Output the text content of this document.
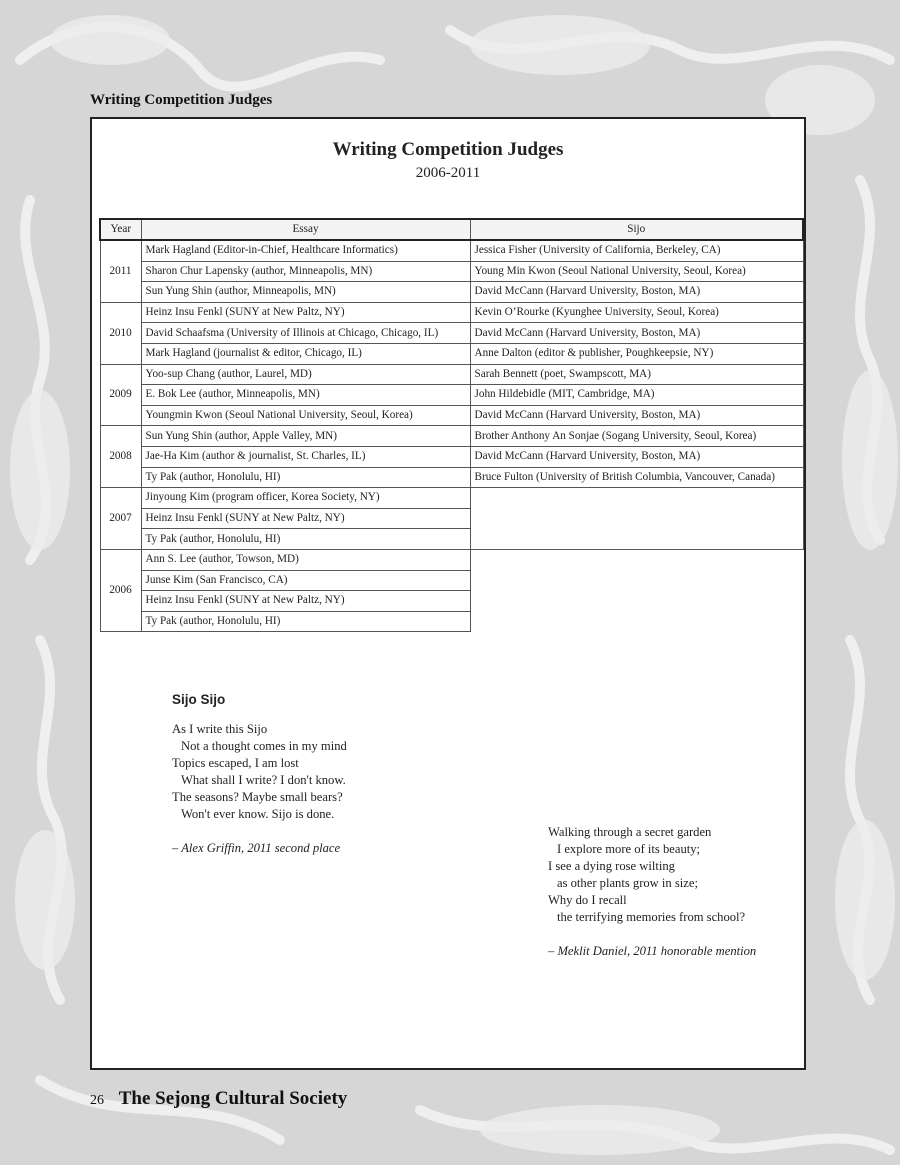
Writing Competition Judges
Writing Competition Judges
2006-2011
Year	Essay	Sijo
2011	Mark Hagland (Editor-in-Chief, Healthcare Informatics)	Jessica Fisher (University of California, Berkeley, CA)
	Sharon Chur Lapensky (author, Minneapolis, MN)	Young Min Kwon (Seoul National University, Seoul, Korea)
	Sun Yung Shin (author, Minneapolis, MN)	David McCann (Harvard University, Boston, MA)
2010	Heinz Insu Fenkl (SUNY at New Paltz, NY)	Kevin O’Rourke (Kyunghee University, Seoul, Korea)
	David Schaafsma (University of Illinois at Chicago, Chicago, IL)	David McCann (Harvard University, Boston, MA)
	Mark Hagland (journalist & editor, Chicago, IL)	Anne Dalton (editor & publisher, Poughkeepsie, NY)
2009	Yoo-sup Chang (author, Laurel, MD)	Sarah Bennett (poet, Swampscott, MA)
	E. Bok Lee (author, Minneapolis, MN)	John Hildebidle (MIT, Cambridge, MA)
	Youngmin Kwon (Seoul National University, Seoul, Korea)	David McCann (Harvard University, Boston, MA)
2008	Sun Yung Shin (author, Apple Valley, MN)	Brother Anthony An Sonjae (Sogang University, Seoul, Korea)
	Jae-Ha Kim (author & journalist, St. Charles, IL)	David McCann (Harvard University, Boston, MA)
	Ty Pak (author, Honolulu, HI)	Bruce Fulton (University of British Columbia, Vancouver, Canada)
2007	Jinyoung Kim (program officer, Korea Society, NY)	
	Heinz Insu Fenkl (SUNY at New Paltz, NY)	
	Ty Pak (author, Honolulu, HI)	
2006	Ann S. Lee (author, Towson, MD)	
	Junse Kim (San Francisco, CA)	
	Heinz Insu Fenkl (SUNY at New Paltz, NY)	
	Ty Pak (author, Honolulu, HI)	
Sijo Sijo
As I write this Sijo
Not a thought comes in my mind
Topics escaped, I am lost
What shall I write? I don't know.
The seasons? Maybe small bears?
Won't ever know. Sijo is done.
– Alex Griffin, 2011 second place
Walking through a secret garden
I explore more of its beauty;
I see a dying rose wilting
as other plants grow in size;
Why do I recall
the terrifying memories from school?
– Meklit Daniel, 2011 honorable mention
26 The Sejong Cultural Society
